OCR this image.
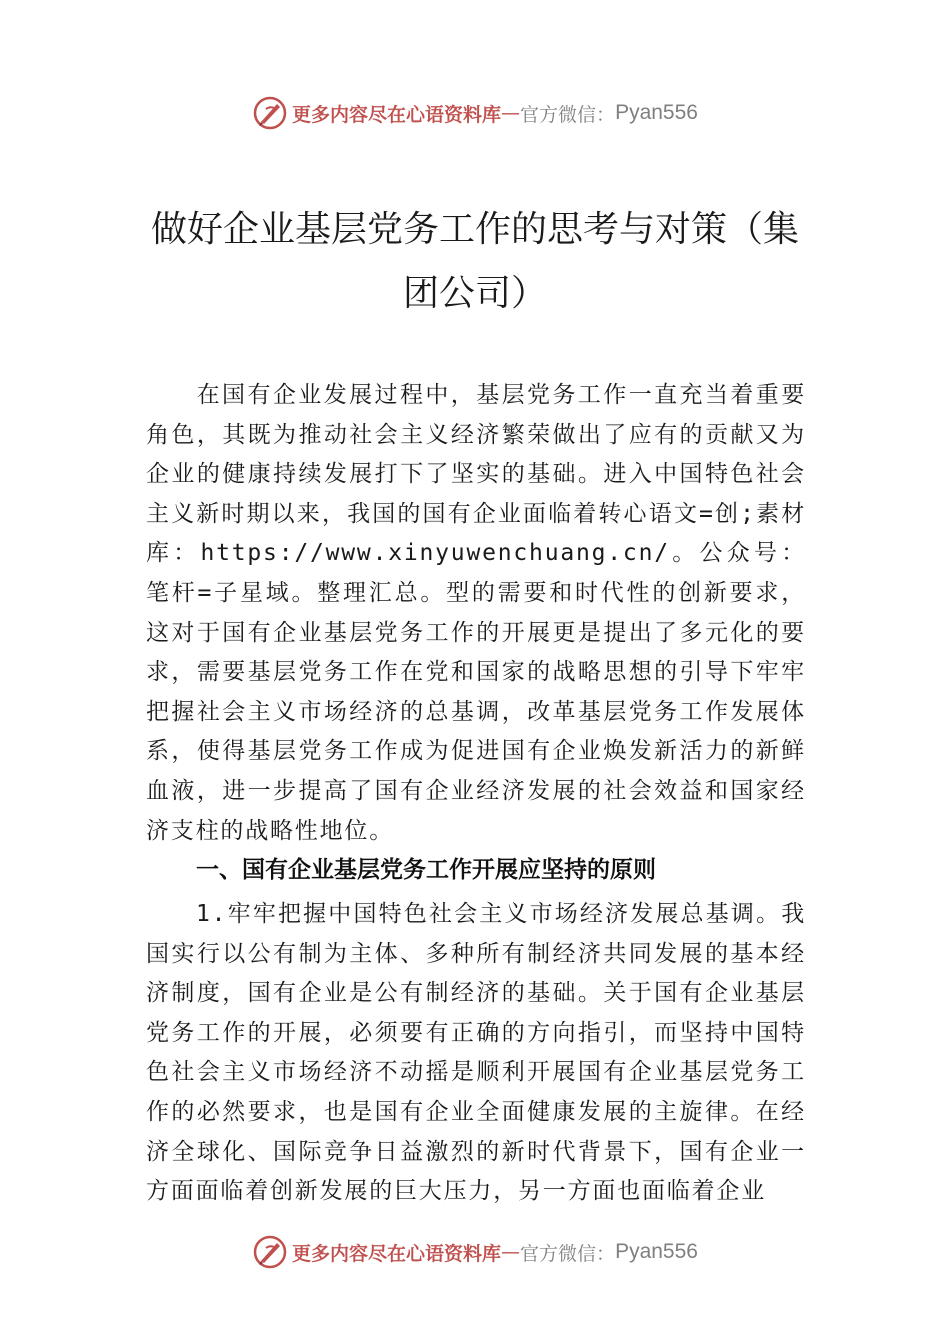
更多内容尽在心语资料库 — 官方微信： Pyan556
做好企业基层党务工作的思考与对策（集团公司）
在国有企业发展过程中，基层党务工作一直充当着重要角色，其既为推动社会主义经济繁荣做出了应有的贡献又为企业的健康持续发展打下了坚实的基础。进入中国特色社会主义新时期以来，我国的国有企业面临着转心语文=创;素材库：https://www.xinyuwenchuang.cn/。公众号：笔杆=子星域。整理汇总。型的需要和时代性的创新要求，这对于国有企业基层党务工作的开展更是提出了多元化的要求，需要基层党务工作在党和国家的战略思想的引导下牢牢把握社会主义市场经济的总基调，改革基层党务工作发展体系，使得基层党务工作成为促进国有企业焕发新活力的新鲜血液，进一步提高了国有企业经济发展的社会效益和国家经济支柱的战略性地位。
一、国有企业基层党务工作开展应坚持的原则
1.牢牢把握中国特色社会主义市场经济发展总基调。我国实行以公有制为主体、多种所有制经济共同发展的基本经济制度，国有企业是公有制经济的基础。关于国有企业基层党务工作的开展，必须要有正确的方向指引，而坚持中国特色社会主义市场经济不动摇是顺利开展国有企业基层党务工作的必然要求，也是国有企业全面健康发展的主旋律。在经济全球化、国际竞争日益激烈的新时代背景下，国有企业一方面面临着创新发展的巨大压力，另一方面也面临着企业
更多内容尽在心语资料库 — 官方微信： Pyan556
